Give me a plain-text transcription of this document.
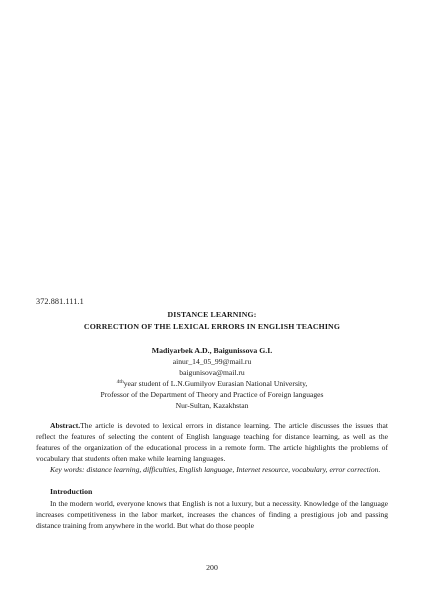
372.881.111.1
DISTANCE LEARNING:
CORRECTION OF THE LEXICAL ERRORS IN ENGLISH TEACHING
Madiyarbek A.D., Baigunissova G.I.
ainur_14_05_99@mail.ru
baigunisova@mail.ru
$^{4th}$year student of L.N.Gumilyov Eurasian National University,
Professor of the Department of Theory and Practice of Foreign languages
Nur-Sultan, Kazakhstan
Abstract.The article is devoted to lexical errors in distance learning. The article discusses the issues that reflect the features of selecting the content of English language teaching for distance learning, as well as the features of the organization of the educational process in a remote form. The article highlights the problems of vocabulary that students often make while learning languages.
Key words: distance learning, difficulties, English language, Internet resource, vocabulary, error correction.
Introduction
In the modern world, everyone knows that English is not a luxury, but a necessity. Knowledge of the language increases competitiveness in the labor market, increases the chances of finding a prestigious job and passing distance training from anywhere in the world. But what do those people
200
